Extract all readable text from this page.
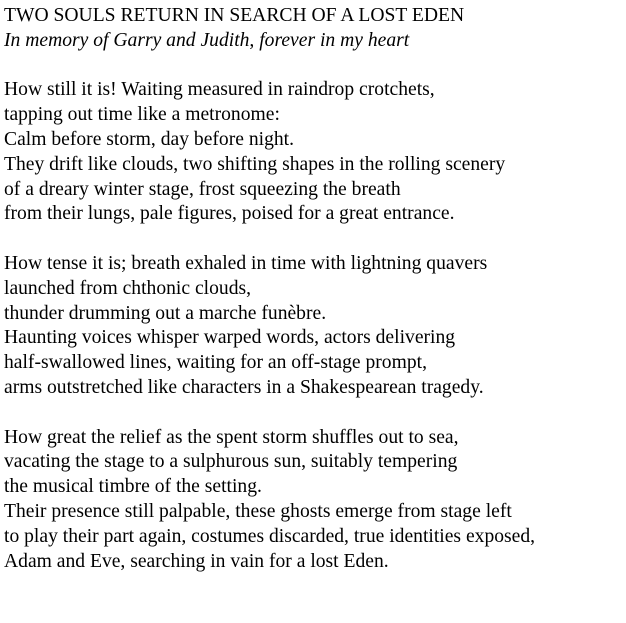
TWO SOULS RETURN IN SEARCH OF A LOST EDEN

In memory of Garry and Judith, forever in my heart

How still it is! Waiting measured in raindrop crotchets,
tapping out time like a metronome:
Calm before storm, day before night.
They drift like clouds, two shifting shapes in the rolling scenery
of a dreary winter stage, frost squeezing the breath
from their lungs, pale figures, poised for a great entrance.
How tense it is; breath exhaled in time with lightning quavers
launched from chthonic clouds,
thunder drumming out a marche funèbre.
Haunting voices whisper warped words, actors delivering
half-swallowed lines, waiting for an off-stage prompt,
arms outstretched like characters in a Shakespearean tragedy.
How great the relief as the spent storm shuffles out to sea,
vacating the stage to a sulphurous sun, suitably tempering
the musical timbre of the setting.
Their presence still palpable, these ghosts emerge from stage left
to play their part again, costumes discarded, true identities exposed,
Adam and Eve, searching in vain for a lost Eden.
